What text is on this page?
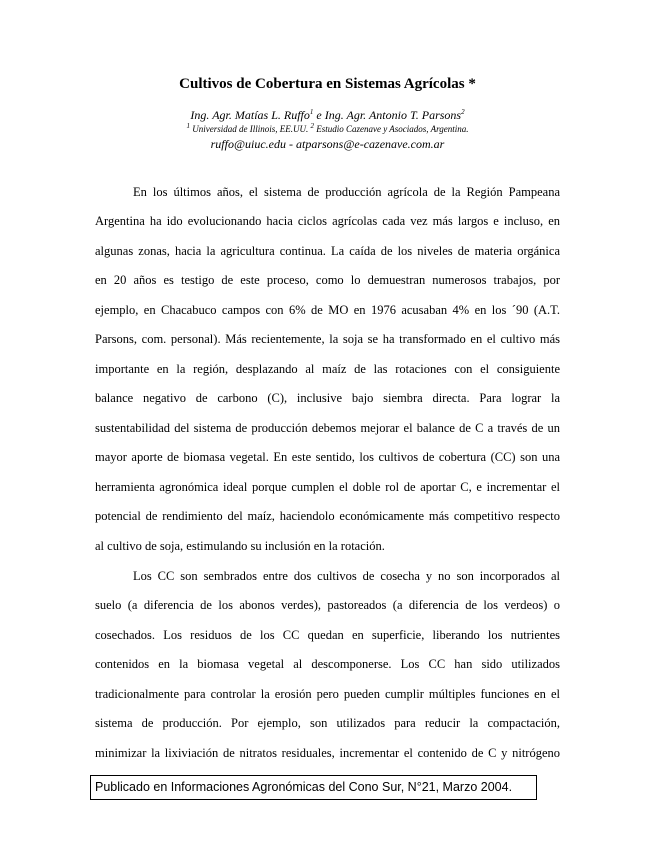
Cultivos de Cobertura en Sistemas Agrícolas *
Ing. Agr. Matías L. Ruffo$^1$ e Ing. Agr. Antonio T. Parsons$^2$
$^1$ Universidad de Illinois, EE.UU. $^2$ Estudio Cazenave y Asociados, Argentina.
ruffo@uiuc.edu - atparsons@e-cazenave.com.ar
En los últimos años, el sistema de producción agrícola de la Región Pampeana
Argentina ha ido evolucionando hacia ciclos agrícolas cada vez más largos e incluso, en
algunas zonas, hacia la agricultura continua. La caída de los niveles de materia orgánica
en 20 años es testigo de este proceso, como lo demuestran numerosos trabajos, por
ejemplo, en Chacabuco campos con 6% de MO en 1976 acusaban 4% en los ´90 (A.T.
Parsons, com. personal). Más recientemente, la soja se ha transformado en el cultivo más
importante en la región, desplazando al maíz de las rotaciones con el consiguiente
balance negativo de carbono (C), inclusive bajo siembra directa. Para lograr la
sustentabilidad del sistema de producción debemos mejorar el balance de C a través de un
mayor aporte de biomasa vegetal. En este sentido, los cultivos de cobertura (CC) son una
herramienta agronómica ideal porque cumplen el doble rol de aportar C, e incrementar el
potencial de rendimiento del maíz, haciendolo económicamente más competitivo respecto
al cultivo de soja, estimulando su inclusión en la rotación.
Los CC son sembrados entre dos cultivos de cosecha y no son incorporados al
suelo (a diferencia de los abonos verdes), pastoreados (a diferencia de los verdeos) o
cosechados. Los residuos de los CC quedan en superficie, liberando los nutrientes
contenidos en la biomasa vegetal al descomponerse. Los CC han sido utilizados
tradicionalmente para controlar la erosión pero pueden cumplir múltiples funciones en el
sistema de producción. Por ejemplo, son utilizados para reducir la compactación,
minimizar la lixiviación de nitratos residuales, incrementar el contenido de C y nitrógeno
Publicado en Informaciones Agronómicas del Cono Sur, N°21, Marzo 2004.
